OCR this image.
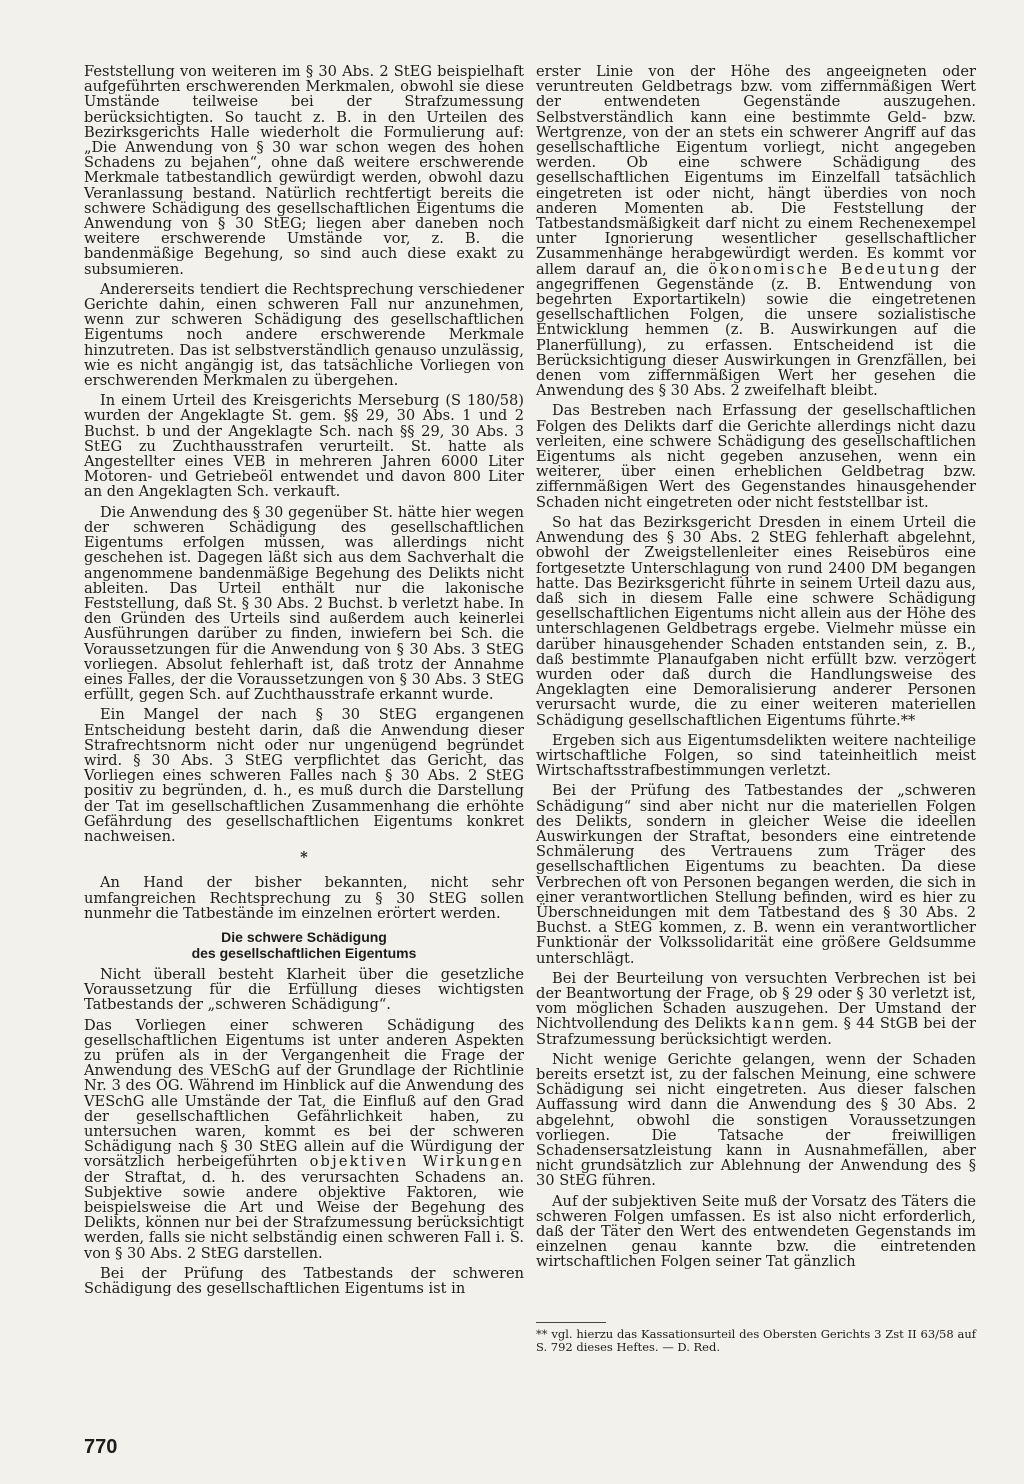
Feststellung von weiteren im § 30 Abs. 2 StEG beispielhaft aufgeführten erschwerenden Merkmalen, obwohl sie diese Umstände teilweise bei der Strafzumessung berücksichtigten. So taucht z. B. in den Urteilen des Bezirksgerichts Halle wiederholt die Formulierung auf: „Die Anwendung von § 30 war schon wegen des hohen Schadens zu bejahen“, ohne daß weitere erschwerende Merkmale tatbestandlich gewürdigt werden, obwohl dazu Veranlassung bestand. Natürlich rechtfertigt bereits die schwere Schädigung des gesellschaftlichen Eigentums die Anwendung von § 30 StEG; liegen aber daneben noch weitere erschwerende Umstände vor, z. B. die bandenmäßige Begehung, so sind auch diese exakt zu subsumieren.

Andererseits tendiert die Rechtsprechung verschiedener Gerichte dahin, einen schweren Fall nur anzunehmen, wenn zur schweren Schädigung des gesellschaftlichen Eigentums noch andere erschwerende Merkmale hinzutreten. Das ist selbstverständlich genauso unzulässig, wie es nicht angängig ist, das tatsächliche Vorliegen von erschwerenden Merkmalen zu übergehen.

In einem Urteil des Kreisgerichts Merseburg (S 180/58) wurden der Angeklagte St. gem. §§ 29, 30 Abs. 1 und 2 Buchst. b und der Angeklagte Sch. nach §§ 29, 30 Abs. 3 StEG zu Zuchthausstrafen verurteilt. St. hatte als Angestellter eines VEB in mehreren Jahren 6000 Liter Motoren- und Getriebeöl entwendet und davon 800 Liter an den Angeklagten Sch. verkauft.

Die Anwendung des § 30 gegenüber St. hätte hier wegen der schweren Schädigung des gesellschaftlichen Eigentums erfolgen müssen, was allerdings nicht geschehen ist. Dagegen läßt sich aus dem Sachverhalt die angenommene bandenmäßige Begehung des Delikts nicht ableiten. Das Urteil enthält nur die lakonische Feststellung, daß St. § 30 Abs. 2 Buchst. b verletzt habe. In den Gründen des Urteils sind außerdem auch keinerlei Ausführungen darüber zu finden, inwiefern bei Sch. die Voraussetzungen für die Anwendung von § 30 Abs. 3 StEG vorliegen. Absolut fehlerhaft ist, daß trotz der Annahme eines Falles, der die Voraussetzungen von § 30 Abs. 3 StEG erfüllt, gegen Sch. auf Zuchthausstrafe erkannt wurde.

Ein Mangel der nach § 30 StEG ergangenen Entscheidung besteht darin, daß die Anwendung dieser Strafrechtsnorm nicht oder nur ungenügend begründet wird. § 30 Abs. 3 StEG verpflichtet das Gericht, das Vorliegen eines schweren Falles nach § 30 Abs. 2 StEG positiv zu begründen, d. h., es muß durch die Darstellung der Tat im gesellschaftlichen Zusammenhang die erhöhte Gefährdung des gesellschaftlichen Eigentums konkret nachweisen.

*

An Hand der bisher bekannten, nicht sehr umfangreichen Rechtsprechung zu § 30 StEG sollen nunmehr die Tatbestände im einzelnen erörtert werden.

Die schwere Schädigung
des gesellschaftlichen Eigentums

Nicht überall besteht Klarheit über die gesetzliche Voraussetzung für die Erfüllung dieses wichtigsten Tatbestands der „schweren Schädigung“.

Das Vorliegen einer schweren Schädigung des gesellschaftlichen Eigentums ist unter anderen Aspekten zu prüfen als in der Vergangenheit die Frage der Anwendung des VESchG auf der Grundlage der Richtlinie Nr. 3 des OG. Während im Hinblick auf die Anwendung des VESchG alle Umstände der Tat, die Einfluß auf den Grad der gesellschaftlichen Gefährlichkeit haben, zu untersuchen waren, kommt es bei der schweren Schädigung nach § 30 StEG allein auf die Würdigung der vorsätzlich herbeigeführten objektiven Wirkungen der Straftat, d. h. des verursachten Schadens an. Subjektive sowie andere objektive Faktoren, wie beispielsweise die Art und Weise der Begehung des Delikts, können nur bei der Strafzumessung berücksichtigt werden, falls sie nicht selbständig einen schweren Fall i. S. von § 30 Abs. 2 StEG darstellen.

Bei der Prüfung des Tatbestands der schweren Schädigung des gesellschaftlichen Eigentums ist in

erster Linie von der Höhe des angeeigneten oder veruntreuten Geldbetrags bzw. vom ziffernmäßigen Wert der entwendeten Gegenstände auszugehen. Selbstverständlich kann eine bestimmte Geld- bzw. Wertgrenze, von der an stets ein schwerer Angriff auf das gesellschaftliche Eigentum vorliegt, nicht angegeben werden. Ob eine schwere Schädigung des gesellschaftlichen Eigentums im Einzelfall tatsächlich eingetreten ist oder nicht, hängt überdies von noch anderen Momenten ab. Die Feststellung der Tatbestandsmäßigkeit darf nicht zu einem Rechenexempel unter Ignorierung wesentlicher gesellschaftlicher Zusammenhänge herabgewürdigt werden. Es kommt vor allem darauf an, die ökonomische Bedeutung der angegriffenen Gegenstände (z. B. Entwendung von begehrten Exportartikeln) sowie die eingetretenen gesellschaftlichen Folgen, die unsere sozialistische Entwicklung hemmen (z. B. Auswirkungen auf die Planerfüllung), zu erfassen. Entscheidend ist die Berücksichtigung dieser Auswirkungen in Grenzfällen, bei denen vom ziffernmäßigen Wert her gesehen die Anwendung des § 30 Abs. 2 zweifelhaft bleibt.

Das Bestreben nach Erfassung der gesellschaftlichen Folgen des Delikts darf die Gerichte allerdings nicht dazu verleiten, eine schwere Schädigung des gesellschaftlichen Eigentums als nicht gegeben anzusehen, wenn ein weiterer, über einen erheblichen Geldbetrag bzw. ziffernmäßigen Wert des Gegenstandes hinausgehender Schaden nicht eingetreten oder nicht feststellbar ist.

So hat das Bezirksgericht Dresden in einem Urteil die Anwendung des § 30 Abs. 2 StEG fehlerhaft abgelehnt, obwohl der Zweigstellenleiter eines Reisebüros eine fortgesetzte Unterschlagung von rund 2400 DM begangen hatte. Das Bezirksgericht führte in seinem Urteil dazu aus, daß sich in diesem Falle eine schwere Schädigung gesellschaftlichen Eigentums nicht allein aus der Höhe des unterschlagenen Geldbetrags ergebe. Vielmehr müsse ein darüber hinausgehender Schaden entstanden sein, z. B., daß bestimmte Planaufgaben nicht erfüllt bzw. verzögert wurden oder daß durch die Handlungsweise des Angeklagten eine Demoralisierung anderer Personen verursacht wurde, die zu einer weiteren materiellen Schädigung gesellschaftlichen Eigentums führte.**

Ergeben sich aus Eigentumsdelikten weitere nachteilige wirtschaftliche Folgen, so sind tateinheitlich meist Wirtschaftsstrafbestimmungen verletzt.

Bei der Prüfung des Tatbestandes der „schweren Schädigung“ sind aber nicht nur die materiellen Folgen des Delikts, sondern in gleicher Weise die ideellen Auswirkungen der Straftat, besonders eine eintretende Schmälerung des Vertrauens zum Träger des gesellschaftlichen Eigentums zu beachten. Da diese Verbrechen oft von Personen begangen werden, die sich in einer verantwortlichen Stellung befinden, wird es hier zu Überschneidungen mit dem Tatbestand des § 30 Abs. 2 Buchst. a StEG kommen, z. B. wenn ein verantwortlicher Funktionär der Volkssolidarität eine größere Geldsumme unterschlägt.

Bei der Beurteilung von versuchten Verbrechen ist bei der Beantwortung der Frage, ob § 29 oder § 30 verletzt ist, vom möglichen Schaden auszugehen. Der Umstand der Nichtvollendung des Delikts kann gem. § 44 StGB bei der Strafzumessung berücksichtigt werden.

Nicht wenige Gerichte gelangen, wenn der Schaden bereits ersetzt ist, zu der falschen Meinung, eine schwere Schädigung sei nicht eingetreten. Aus dieser falschen Auffassung wird dann die Anwendung des § 30 Abs. 2 abgelehnt, obwohl die sonstigen Voraussetzungen vorliegen. Die Tatsache der freiwilligen Schadensersatzleistung kann in Ausnahmefällen, aber nicht grundsätzlich zur Ablehnung der Anwendung des § 30 StEG führen.

Auf der subjektiven Seite muß der Vorsatz des Täters die schweren Folgen umfassen. Es ist also nicht erforderlich, daß der Täter den Wert des entwendeten Gegenstands im einzelnen genau kannte bzw. die eintretenden wirtschaftlichen Folgen seiner Tat gänzlich

** vgl. hierzu das Kassationsurteil des Obersten Gerichts 3 Zst II 63/58 auf S. 792 dieses Heftes. — D. Red.
770
